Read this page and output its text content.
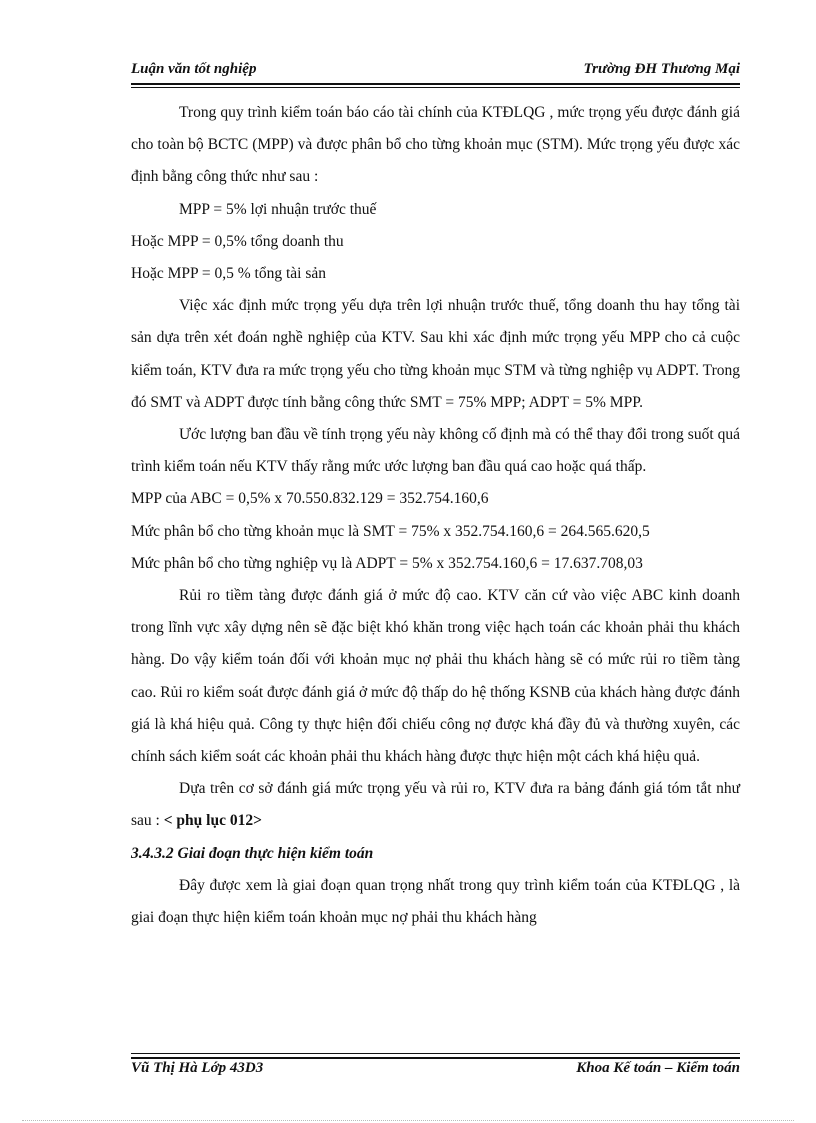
Luận văn tốt nghiệp	Trường ĐH Thương Mại

Trong quy trình kiểm toán báo cáo tài chính của KTĐLQG , mức trọng yếu được đánh giá cho toàn bộ BCTC (MPP) và được phân bổ cho từng khoản mục (STM). Mức trọng yếu được xác định bằng công thức như sau :

MPP = 5% lợi nhuận trước thuế

Hoặc MPP = 0,5% tổng doanh thu

Hoặc MPP = 0,5 % tổng tài sản

Việc xác định mức trọng yếu dựa trên lợi nhuận trước thuế, tổng doanh thu hay tổng tài sản dựa trên xét đoán nghề nghiệp của KTV. Sau khi xác định mức trọng yếu MPP cho cả cuộc kiểm toán, KTV đưa ra mức trọng yếu cho từng khoản mục STM và từng nghiệp vụ ADPT. Trong đó SMT và ADPT được tính bằng công thức SMT = 75% MPP; ADPT = 5% MPP.

Ước lượng ban đầu về tính trọng yếu này không cố định mà có thể thay đổi trong suốt quá trình kiểm toán nếu KTV thấy rằng mức ước lượng ban đầu quá cao hoặc quá thấp.

MPP của ABC = 0,5% x 70.550.832.129 = 352.754.160,6

Mức phân bổ cho từng khoản mục là SMT = 75% x 352.754.160,6 = 264.565.620,5

Mức phân bổ cho từng nghiệp vụ là ADPT = 5% x 352.754.160,6 = 17.637.708,03

Rủi ro tiềm tàng được đánh giá ở mức độ cao. KTV căn cứ vào việc ABC kinh doanh trong lĩnh vực xây dựng nên sẽ đặc biệt khó khăn trong việc hạch toán các khoản phải thu khách hàng. Do vậy kiểm toán đối với khoản mục nợ phải thu khách hàng sẽ có mức rủi ro tiềm tàng cao. Rủi ro kiểm soát được đánh giá ở mức độ thấp do hệ thống KSNB của khách hàng được đánh giá là khá hiệu quả. Công ty thực hiện đối chiếu công nợ được khá đầy đủ và thường xuyên, các chính sách kiểm soát các khoản phải thu khách hàng được thực hiện một cách khá hiệu quả.

Dựa trên cơ sở đánh giá mức trọng yếu và rủi ro, KTV đưa ra bảng đánh giá tóm tắt như sau : < phụ lục 012>

3.4.3.2 Giai đoạn thực hiện kiểm toán

Đây được xem là giai đoạn quan trọng nhất trong quy trình kiểm toán của KTĐLQG , là giai đoạn thực hiện kiểm toán khoản mục nợ phải thu khách hàng

Vũ Thị Hà Lớp 43D3	Khoa Kế toán – Kiểm toán
